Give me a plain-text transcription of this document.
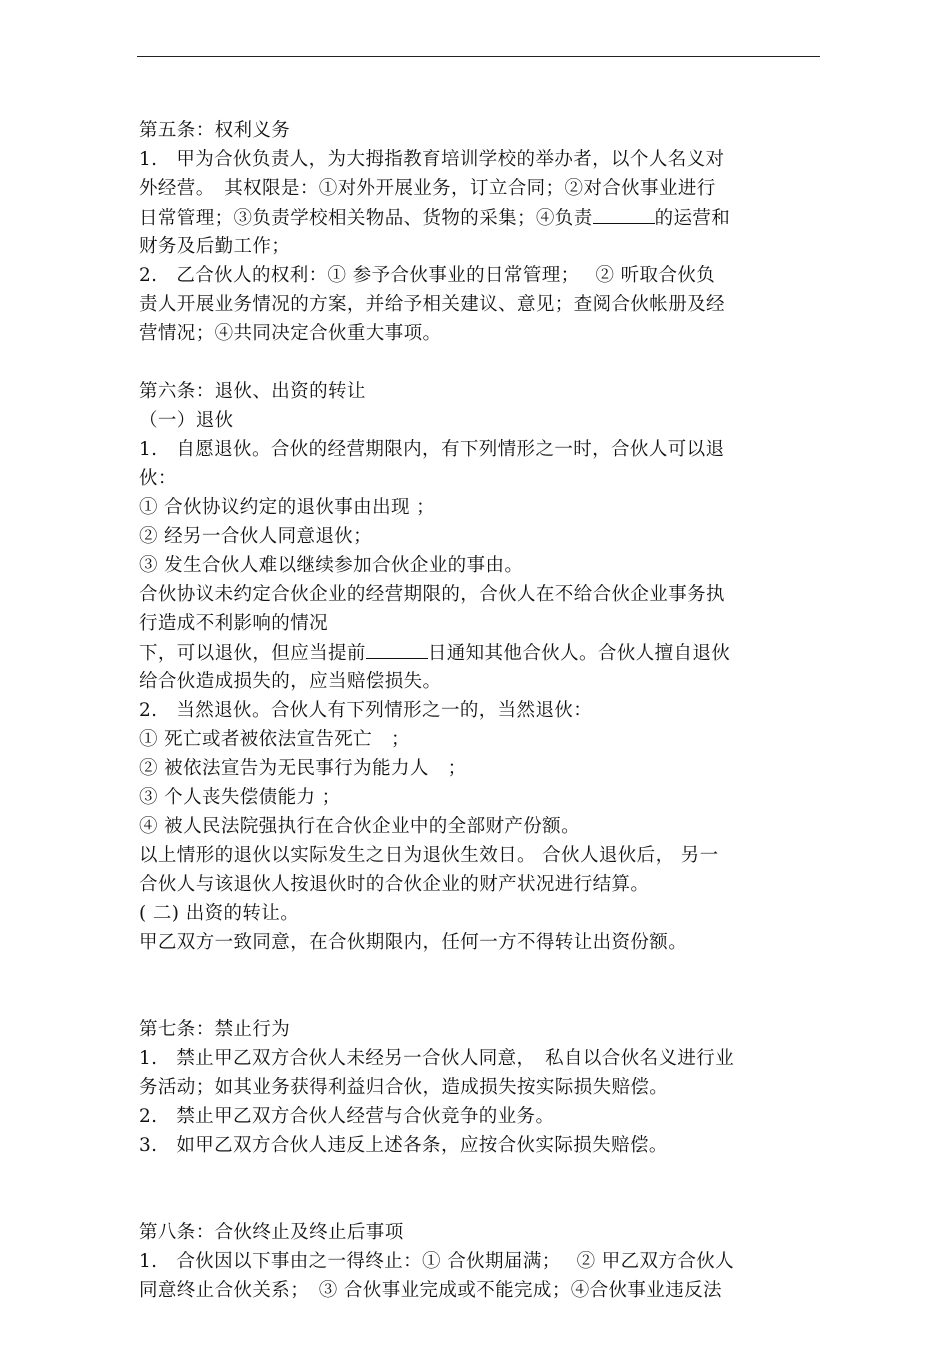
第五条：权利义务
1.　甲为合伙负责人，为大拇指教育培训学校的举办者，以个人名义对
外经营。　其权限是：①对外开展业务，订立合同；②对合伙事业进行
日常管理；③负责学校相关物品、货物的采集；④负责	的运营和
财务及后勤工作；
2.　乙合伙人的权利：① 参予合伙事业的日常管理；　 ② 听取合伙负
责人开展业务情况的方案，并给予相关建议、意见；查阅合伙帐册及经
营情况；④共同决定合伙重大事项。
第六条：退伙、出资的转让
（一）退伙
1.　自愿退伙。合伙的经营期限内，有下列情形之一时，合伙人可以退
伙：
① 合伙协议约定的退伙事由出现 ；
② 经另一合伙人同意退伙；
③ 发生合伙人难以继续参加合伙企业的事由。
合伙协议未约定合伙企业的经营期限的，合伙人在不给合伙企业事务执
行造成不利影响的情况
下，可以退伙，但应当提前	日通知其他合伙人。合伙人擅自退伙
给合伙造成损失的，应当赔偿损失。
2.　当然退伙。合伙人有下列情形之一的，当然退伙：
① 死亡或者被依法宣告死亡　；
② 被依法宣告为无民事行为能力人　；
③ 个人丧失偿债能力 ；
④ 被人民法院强执行在合伙企业中的全部财产份额。
以上情形的退伙以实际发生之日为退伙生效日。 合伙人退伙后， 另一
合伙人与该退伙人按退伙时的合伙企业的财产状况进行结算。
( 二) 出资的转让。
甲乙双方一致同意，在合伙期限内，任何一方不得转让出资份额。
第七条：禁止行为
1.　禁止甲乙双方合伙人未经另一合伙人同意，　私自以合伙名义进行业
务活动；如其业务获得利益归合伙，造成损失按实际损失赔偿。
2.　禁止甲乙双方合伙人经营与合伙竞争的业务。
3.　如甲乙双方合伙人违反上述各条，应按合伙实际损失赔偿。
第八条：合伙终止及终止后事项
1.　合伙因以下事由之一得终止：① 合伙期届满；　 ② 甲乙双方合伙人
同意终止合伙关系；　③ 合伙事业完成或不能完成；④合伙事业违反法
